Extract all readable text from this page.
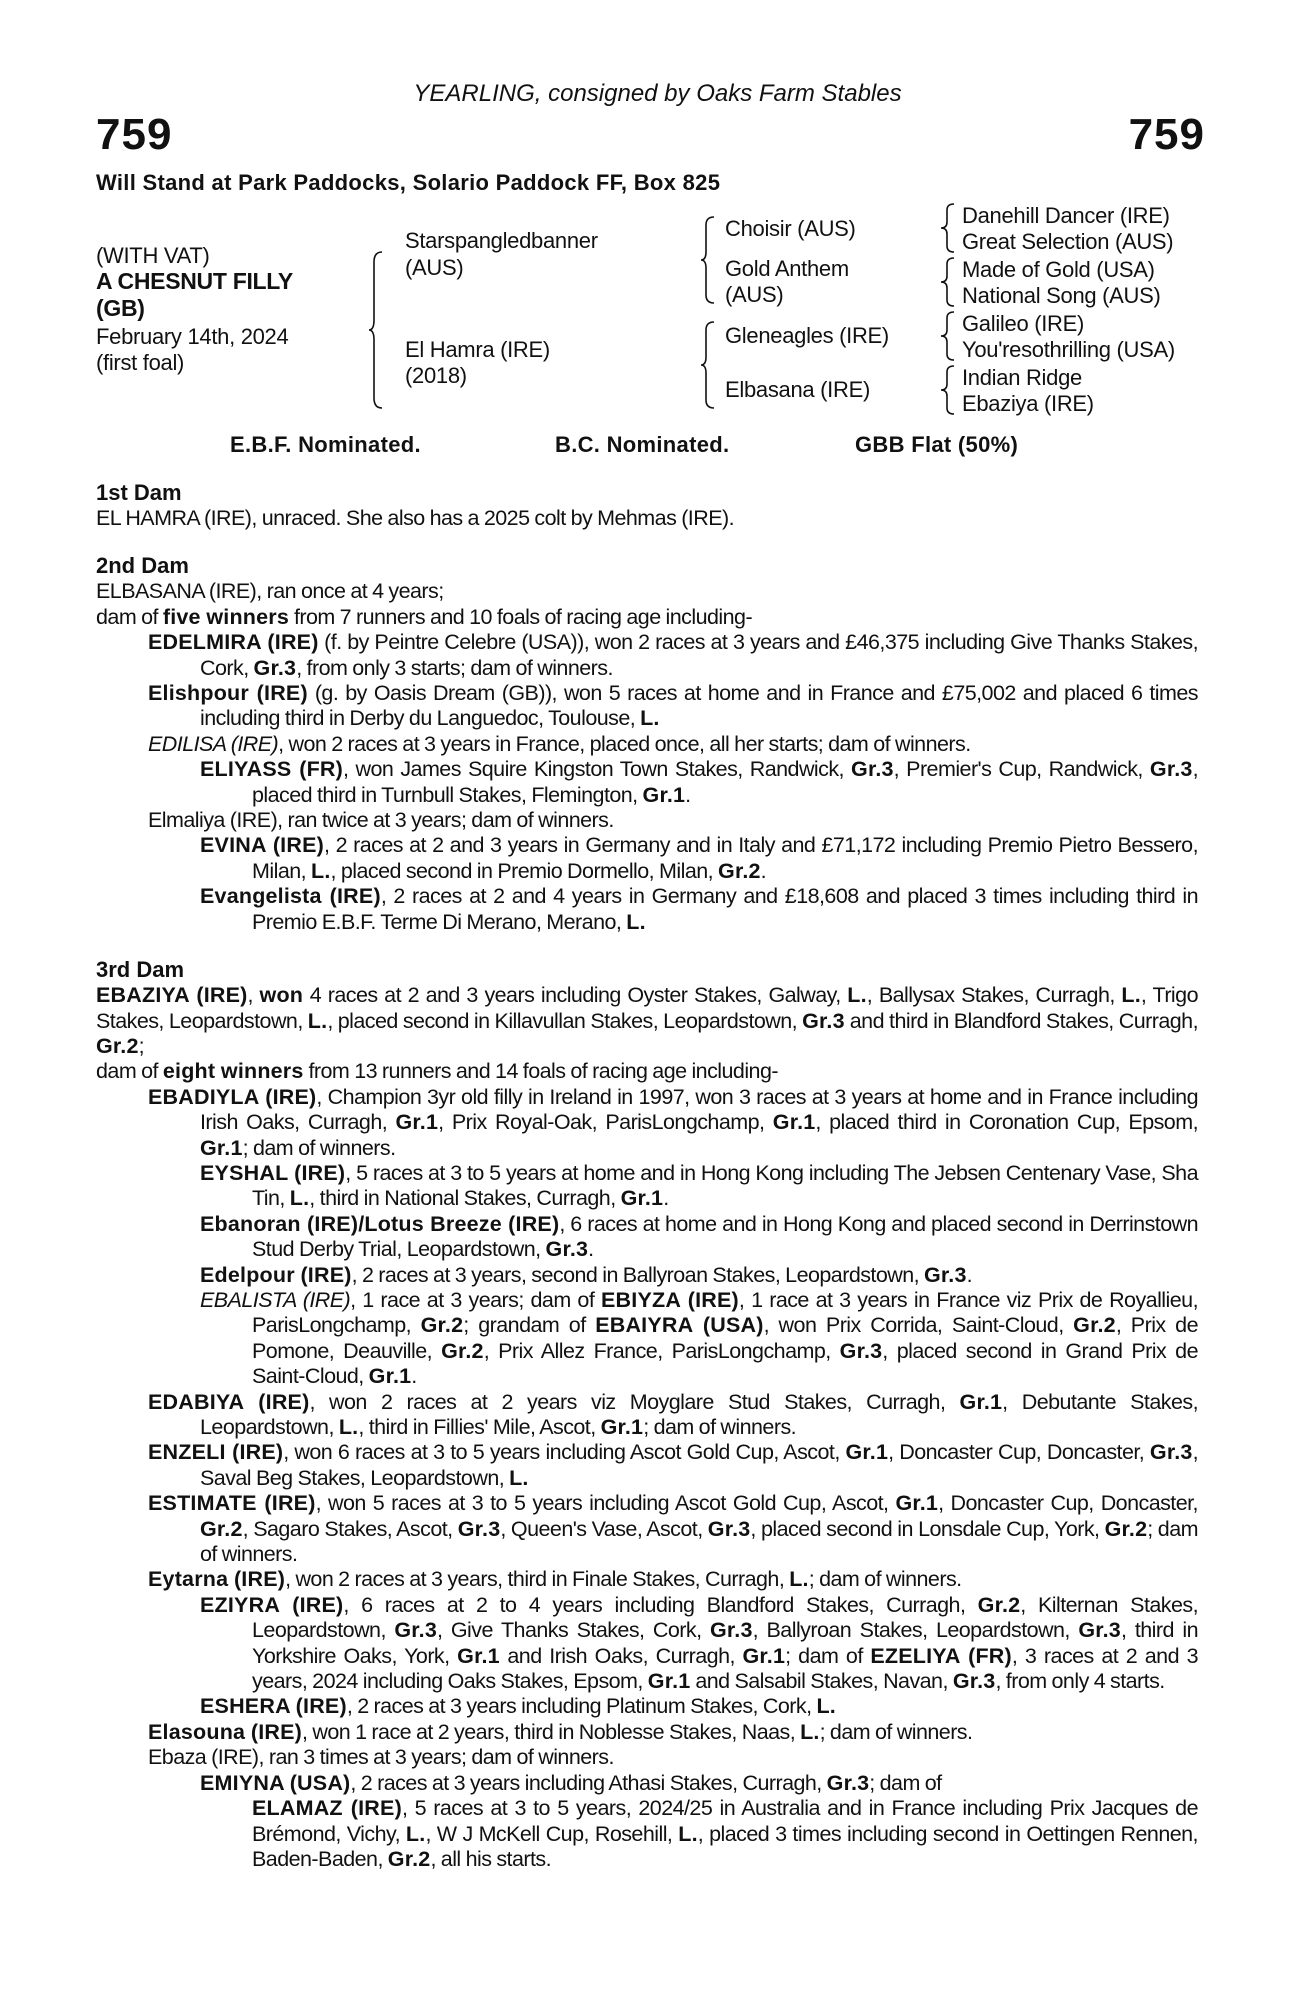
YEARLING, consigned by Oaks Farm Stables
759	759
Will Stand at Park Paddocks, Solario Paddock FF, Box 825
(WITH VAT)
A CHESNUT FILLY
(GB)
February 14th, 2024
(first foal)
Starspangledbanner
(AUS)
El Hamra (IRE)
(2018)
Choisir (AUS)
Gold Anthem
(AUS)
Gleneagles (IRE)
Elbasana (IRE)
Danehill Dancer (IRE)
Great Selection (AUS)
Made of Gold (USA)
National Song (AUS)
Galileo (IRE)
You'resothrilling (USA)
Indian Ridge
Ebaziya (IRE)
E.B.F. Nominated.	B.C. Nominated.	GBB Flat (50%)
1st Dam
EL HAMRA (IRE), unraced. She also has a 2025 colt by Mehmas (IRE).
2nd Dam
ELBASANA (IRE), ran once at 4 years;
dam of five winners from 7 runners and 10 foals of racing age including-
EDELMIRA (IRE) (f. by Peintre Celebre (USA)), won 2 races at 3 years and £46,375 including Give Thanks Stakes, Cork, Gr.3, from only 3 starts; dam of winners.
Elishpour (IRE) (g. by Oasis Dream (GB)), won 5 races at home and in France and £75,002 and placed 6 times including third in Derby du Languedoc, Toulouse, L.
EDILISA (IRE), won 2 races at 3 years in France, placed once, all her starts; dam of winners.
ELIYASS (FR), won James Squire Kingston Town Stakes, Randwick, Gr.3, Premier's Cup, Randwick, Gr.3, placed third in Turnbull Stakes, Flemington, Gr.1.
Elmaliya (IRE), ran twice at 3 years; dam of winners.
EVINA (IRE), 2 races at 2 and 3 years in Germany and in Italy and £71,172 including Premio Pietro Bessero, Milan, L., placed second in Premio Dormello, Milan, Gr.2.
Evangelista (IRE), 2 races at 2 and 4 years in Germany and £18,608 and placed 3 times including third in Premio E.B.F. Terme Di Merano, Merano, L.
3rd Dam
EBAZIYA (IRE), won 4 races at 2 and 3 years including Oyster Stakes, Galway, L., Ballysax Stakes, Curragh, L., Trigo Stakes, Leopardstown, L., placed second in Killavullan Stakes, Leopardstown, Gr.3 and third in Blandford Stakes, Curragh, Gr.2;
dam of eight winners from 13 runners and 14 foals of racing age including-
EBADIYLA (IRE), Champion 3yr old filly in Ireland in 1997, won 3 races at 3 years at home and in France including Irish Oaks, Curragh, Gr.1, Prix Royal-Oak, ParisLongchamp, Gr.1, placed third in Coronation Cup, Epsom, Gr.1; dam of winners.
EYSHAL (IRE), 5 races at 3 to 5 years at home and in Hong Kong including The Jebsen Centenary Vase, Sha Tin, L., third in National Stakes, Curragh, Gr.1.
Ebanoran (IRE)/Lotus Breeze (IRE), 6 races at home and in Hong Kong and placed second in Derrinstown Stud Derby Trial, Leopardstown, Gr.3.
Edelpour (IRE), 2 races at 3 years, second in Ballyroan Stakes, Leopardstown, Gr.3.
EBALISTA (IRE), 1 race at 3 years; dam of EBIYZA (IRE), 1 race at 3 years in France viz Prix de Royallieu, ParisLongchamp, Gr.2; grandam of EBAIYRA (USA), won Prix Corrida, Saint-Cloud, Gr.2, Prix de Pomone, Deauville, Gr.2, Prix Allez France, ParisLongchamp, Gr.3, placed second in Grand Prix de Saint-Cloud, Gr.1.
EDABIYA (IRE), won 2 races at 2 years viz Moyglare Stud Stakes, Curragh, Gr.1, Debutante Stakes, Leopardstown, L., third in Fillies' Mile, Ascot, Gr.1; dam of winners.
ENZELI (IRE), won 6 races at 3 to 5 years including Ascot Gold Cup, Ascot, Gr.1, Doncaster Cup, Doncaster, Gr.3, Saval Beg Stakes, Leopardstown, L.
ESTIMATE (IRE), won 5 races at 3 to 5 years including Ascot Gold Cup, Ascot, Gr.1, Doncaster Cup, Doncaster, Gr.2, Sagaro Stakes, Ascot, Gr.3, Queen's Vase, Ascot, Gr.3, placed second in Lonsdale Cup, York, Gr.2; dam of winners.
Eytarna (IRE), won 2 races at 3 years, third in Finale Stakes, Curragh, L.; dam of winners.
EZIYRA (IRE), 6 races at 2 to 4 years including Blandford Stakes, Curragh, Gr.2, Kilternan Stakes, Leopardstown, Gr.3, Give Thanks Stakes, Cork, Gr.3, Ballyroan Stakes, Leopardstown, Gr.3, third in Yorkshire Oaks, York, Gr.1 and Irish Oaks, Curragh, Gr.1; dam of EZELIYA (FR), 3 races at 2 and 3 years, 2024 including Oaks Stakes, Epsom, Gr.1 and Salsabil Stakes, Navan, Gr.3, from only 4 starts.
ESHERA (IRE), 2 races at 3 years including Platinum Stakes, Cork, L.
Elasouna (IRE), won 1 race at 2 years, third in Noblesse Stakes, Naas, L.; dam of winners.
Ebaza (IRE), ran 3 times at 3 years; dam of winners.
EMIYNA (USA), 2 races at 3 years including Athasi Stakes, Curragh, Gr.3; dam of
ELAMAZ (IRE), 5 races at 3 to 5 years, 2024/25 in Australia and in France including Prix Jacques de Brémond, Vichy, L., W J McKell Cup, Rosehill, L., placed 3 times including second in Oettingen Rennen, Baden-Baden, Gr.2, all his starts.
